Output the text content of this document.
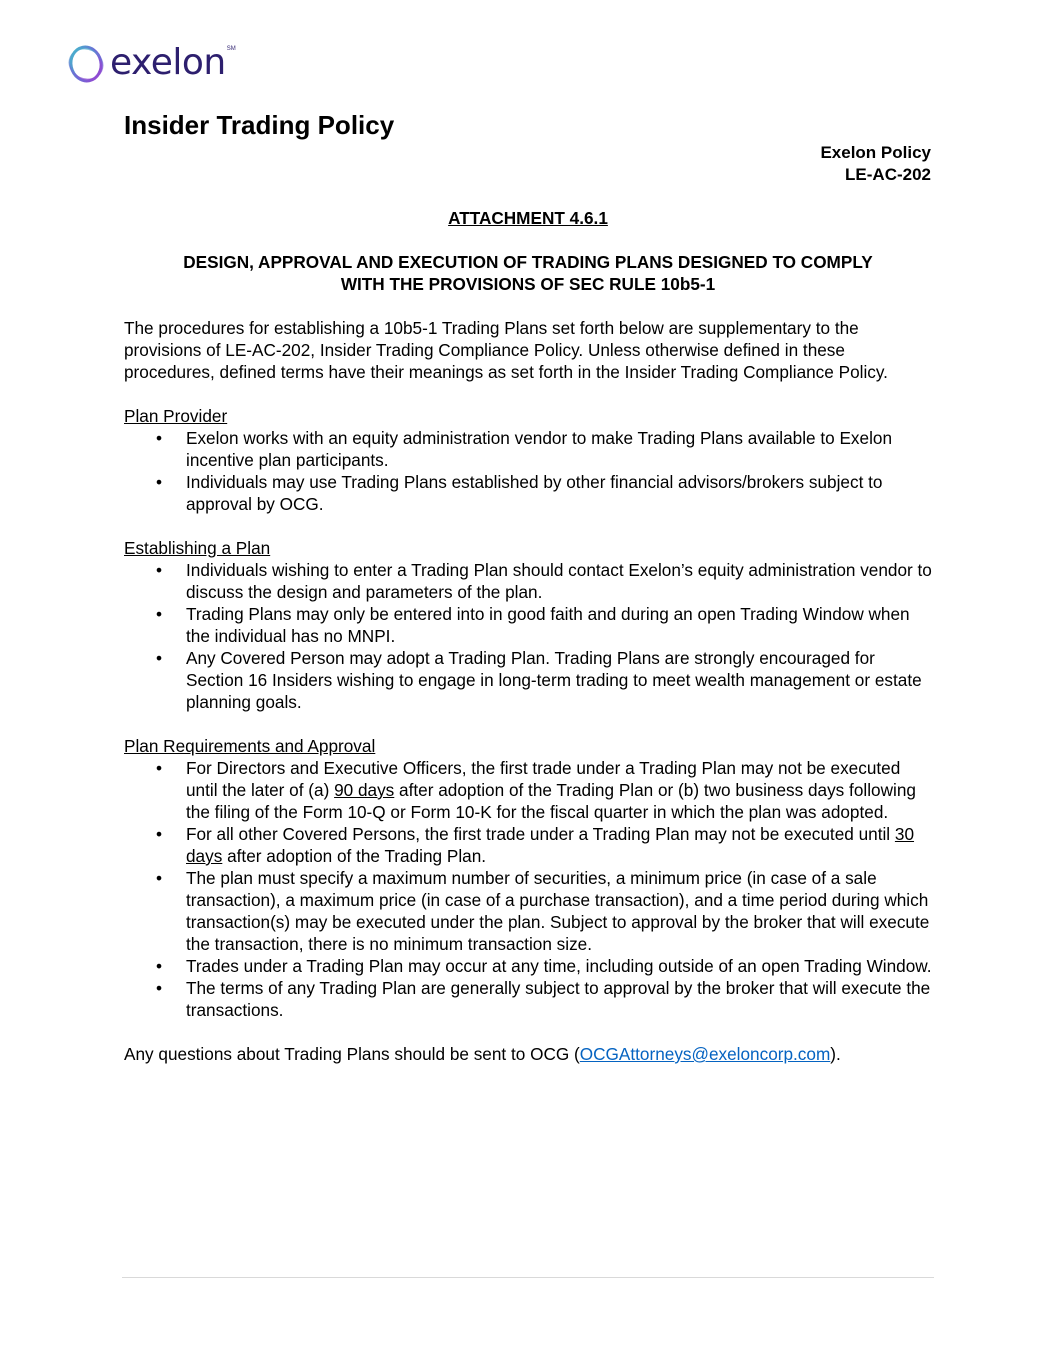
exelon SM
Insider Trading Policy
Exelon Policy
LE-AC-202
ATTACHMENT 4.6.1
DESIGN, APPROVAL AND EXECUTION OF TRADING PLANS DESIGNED TO COMPLY
WITH THE PROVISIONS OF SEC RULE 10b5-1

The procedures for establishing a 10b5-1 Trading Plans set forth below are supplementary to the provisions of LE-AC-202, Insider Trading Compliance Policy. Unless otherwise defined in these procedures, defined terms have their meanings as set forth in the Insider Trading Compliance Policy.

Plan Provider
• Exelon works with an equity administration vendor to make Trading Plans available to Exelon incentive plan participants.
• Individuals may use Trading Plans established by other financial advisors/brokers subject to approval by OCG.
Establishing a Plan
• Individuals wishing to enter a Trading Plan should contact Exelon’s equity administration vendor to discuss the design and parameters of the plan.
• Trading Plans may only be entered into in good faith and during an open Trading Window when the individual has no MNPI.
• Any Covered Person may adopt a Trading Plan. Trading Plans are strongly encouraged for Section 16 Insiders wishing to engage in long-term trading to meet wealth management or estate planning goals.
Plan Requirements and Approval
• For Directors and Executive Officers, the first trade under a Trading Plan may not be executed until the later of (a) 90 days after adoption of the Trading Plan or (b) two business days following the filing of the Form 10-Q or Form 10-K for the fiscal quarter in which the plan was adopted.
• For all other Covered Persons, the first trade under a Trading Plan may not be executed until 30 days after adoption of the Trading Plan.
• The plan must specify a maximum number of securities, a minimum price (in case of a sale transaction), a maximum price (in case of a purchase transaction), and a time period during which transaction(s) may be executed under the plan. Subject to approval by the broker that will execute the transaction, there is no minimum transaction size.
• Trades under a Trading Plan may occur at any time, including outside of an open Trading Window.
• The terms of any Trading Plan are generally subject to approval by the broker that will execute the transactions.

Any questions about Trading Plans should be sent to OCG (OCGAttorneys@exeloncorp.com).
